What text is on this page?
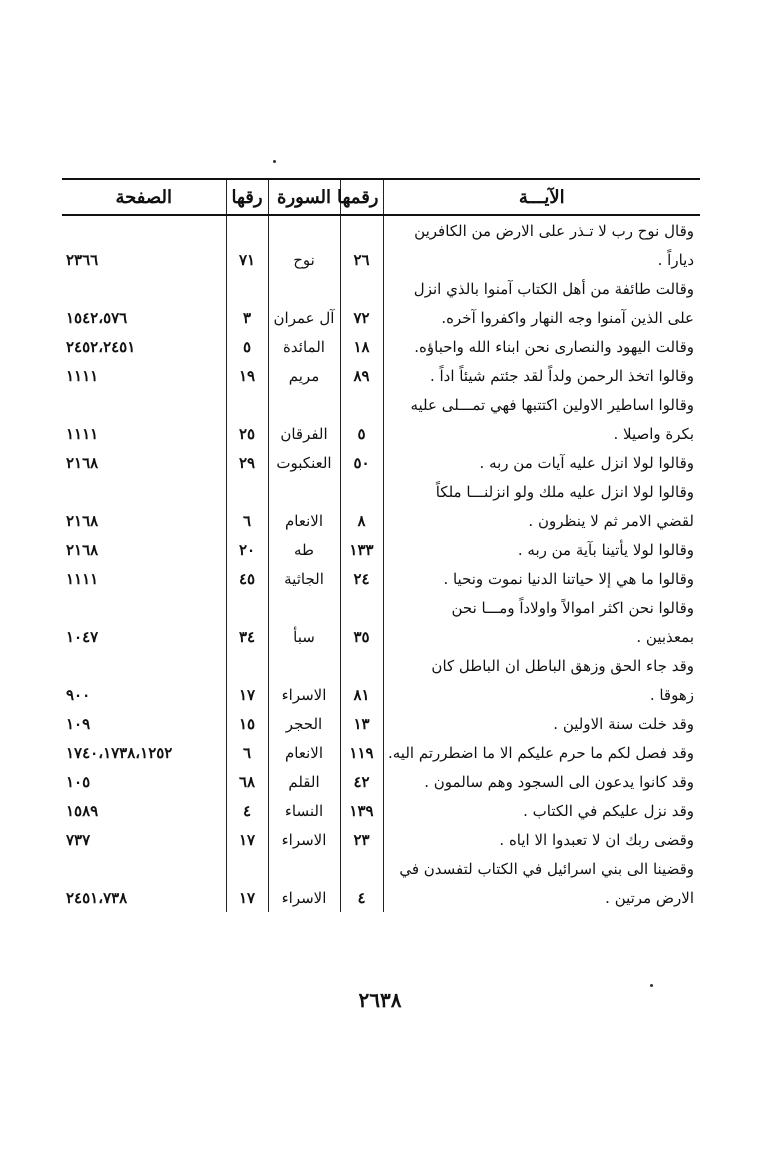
الآيـــة	رقمها	السورة	رقها	الصفحة
وقال نوح رب لا تـذر على الارض من الكافرين				
دياراً .	٢٦	نوح	٧١	٢٣٦٦
وقالت طائفة من أهل الكتاب آمنوا بالذي انزل				
على الذين آمنوا وجه النهار واكفروا آخره.	٧٢	آل عمران	٣	١٥٤٢،٥٧٦
وقالت اليهود والنصارى نحن ابناء الله واحباؤه.	١٨	المائدة	٥	٢٤٥٢،٢٤٥١
وقالوا اتخذ الرحمن ولداً لقد جئتم شيئاً اداً .	٨٩	مريم	١٩	١١١١
وقالوا اساطير الاولين اكتتبها فهي تمـــلى عليه				
بكرة واصيلا .	٥	الفرقان	٢٥	١١١١
وقالوا لولا انزل عليه آيات من ربه .	٥٠	العنكبوت	٢٩	٢١٦٨
وقالوا لولا انزل عليه ملك ولو انزلنـــا ملكاً				
لقضي الامر ثم لا ينظرون .	٨	الانعام	٦	٢١٦٨
وقالوا لولا يأتينا بآية من ربه .	١٣٣	طه	٢٠	٢١٦٨
وقالوا ما هي إلا حياتنا الدنيا نموت ونحيا .	٢٤	الجاثية	٤٥	١١١١
وقالوا نحن اكثر اموالاً واولاداً ومـــا نحن				
بمعذبين .	٣٥	سبأ	٣٤	١٠٤٧
وقد جاء الحق وزهق الباطل ان الباطل كان				
زهوقا .	٨١	الاسراء	١٧	٩٠٠
وقد خلت سنة الاولين .	١٣	الحجر	١٥	١٠٩
وقد فصل لكم ما حرم عليكم الا ما اضطررتم اليه.	١١٩	الانعام	٦	١٧٤٠،١٧٣٨،١٢٥٢
وقد كانوا يدعون الى السجود وهم سالمون .	٤٢	القلم	٦٨	١٠٥
وقد نزل عليكم في الكتاب .	١٣٩	النساء	٤	١٥٨٩
وقضى ربك ان لا تعبدوا الا اياه .	٢٣	الاسراء	١٧	٧٣٧
وقضينا الى بني اسرائيل في الكتاب لتفسدن في				
الارض مرتين .	٤	الاسراء	١٧	٢٤٥١،٧٣٨
٢٦٣٨
